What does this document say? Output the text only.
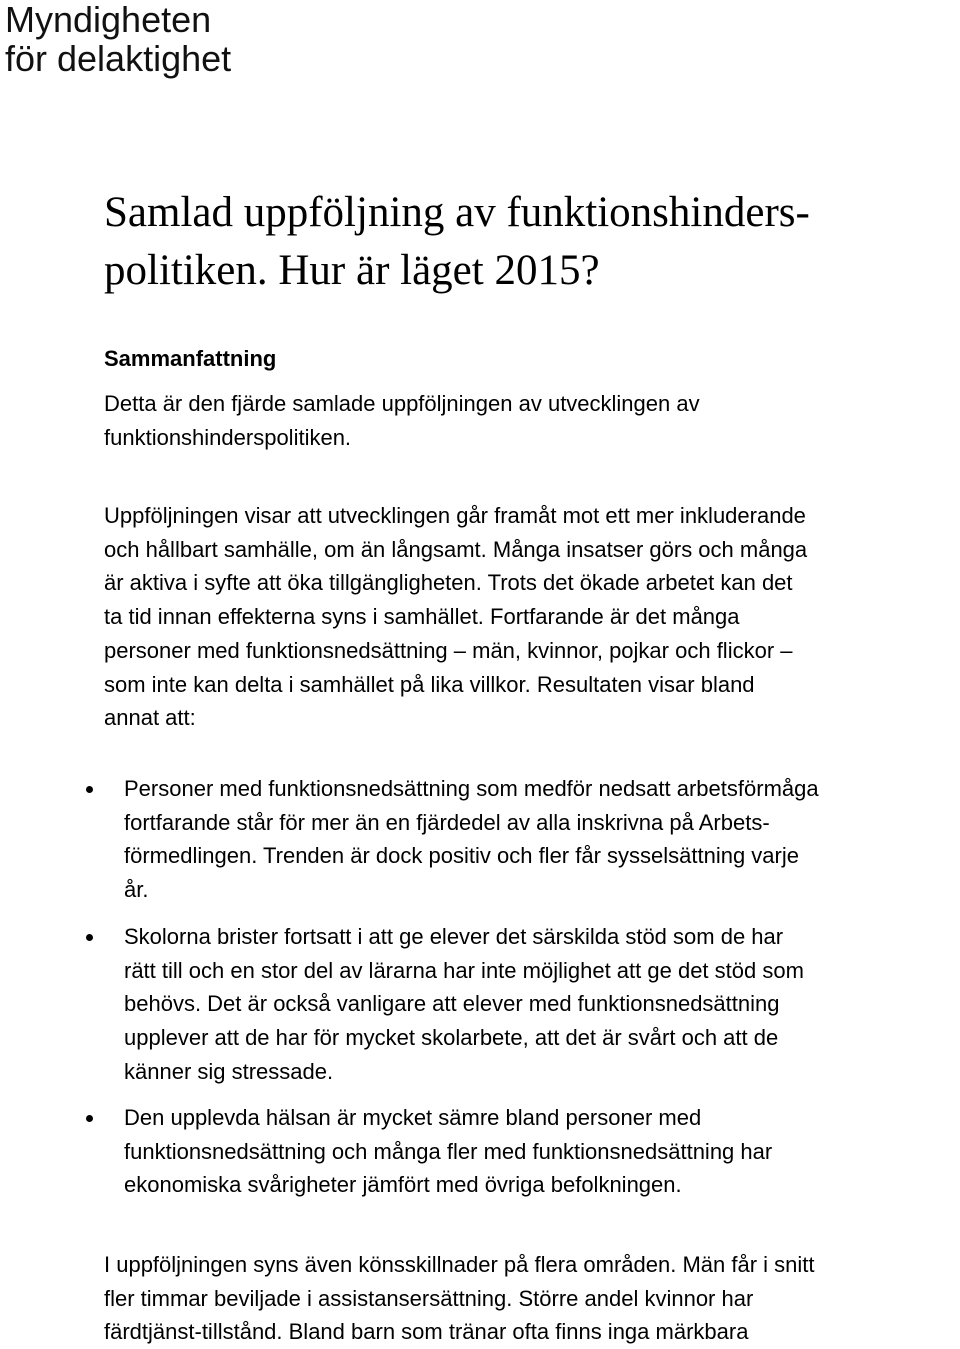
Myndigheten
för delaktighet
Samlad uppföljning av funktionshinders-
politiken. Hur är läget 2015?
Sammanfattning
Detta är den fjärde samlade uppföljningen av utvecklingen av
funktionshinderspolitiken.
Uppföljningen visar att utvecklingen går framåt mot ett mer inkluderande
och hållbart samhälle, om än långsamt. Många insatser görs och många
är aktiva i syfte att öka tillgängligheten. Trots det ökade arbetet kan det
ta tid innan effekterna syns i samhället. Fortfarande är det många
personer med funktionsnedsättning – män, kvinnor, pojkar och flickor –
som inte kan delta i samhället på lika villkor. Resultaten visar bland
annat att:
Personer med funktionsnedsättning som medför nedsatt arbetsförmåga
fortfarande står för mer än en fjärdedel av alla inskrivna på Arbets-
förmedlingen. Trenden är dock positiv och fler får sysselsättning varje
år.
Skolorna brister fortsatt i att ge elever det särskilda stöd som de har
rätt till och en stor del av lärarna har inte möjlighet att ge det stöd som
behövs. Det är också vanligare att elever med funktionsnedsättning
upplever att de har för mycket skolarbete, att det är svårt och att de
känner sig stressade.
Den upplevda hälsan är mycket sämre bland personer med
funktionsnedsättning och många fler med funktionsnedsättning har
ekonomiska svårigheter jämfört med övriga befolkningen.
I uppföljningen syns även könsskillnader på flera områden. Män får i snitt
fler timmar beviljade i assistansersättning. Större andel kvinnor har
färdtjänst-tillstånd. Bland barn som tränar ofta finns inga märkbara
